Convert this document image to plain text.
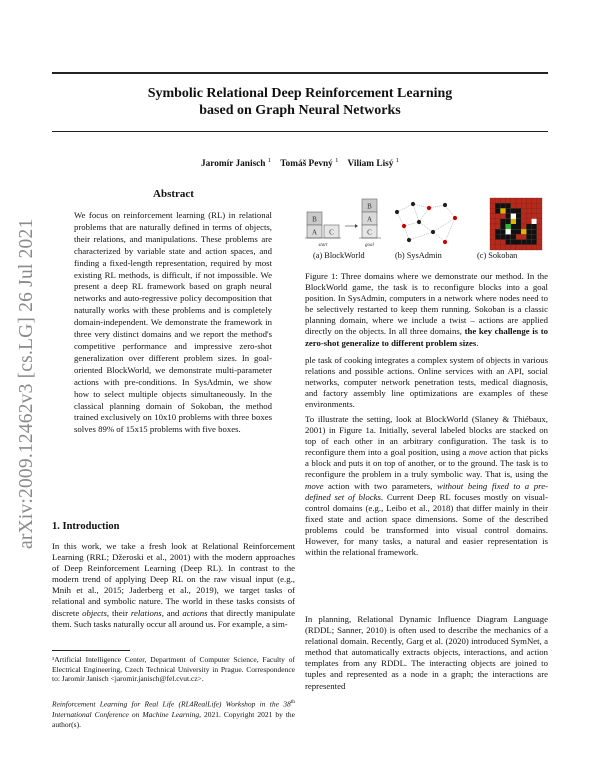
arXiv:2009.12462v3 [cs.LG] 26 Jul 2021
Symbolic Relational Deep Reinforcement Learning
based on Graph Neural Networks
Jaromír Janisch $^1$ Tomáš Pevný $^1$ Viliam Lisý $^1$
Abstract

We focus on reinforcement learning (RL) in relational problems that are naturally defined in terms of objects, their relations, and manipulations. These problems are characterized by variable state and action spaces, and finding a fixed-length representation, required by most existing RL methods, is difficult, if not impossible. We present a deep RL framework based on graph neural networks and auto-regressive policy decomposition that naturally works with these problems and is completely domain-independent. We demonstrate the framework in three very distinct domains and we report the method's competitive performance and impressive zero-shot generalization over different problem sizes. In goal-oriented BlockWorld, we demonstrate multi-parameter actions with pre-conditions. In SysAdmin, we show how to select multiple objects simultaneously. In the classical planning domain of Sokoban, the method trained exclusively on 10x10 problems with three boxes solves 89% of 15x15 problems with five boxes.

1. Introduction

In this work, we take a fresh look at Relational Reinforcement Learning (RRL; Džeroski et al., 2001) with the modern approaches of Deep Reinforcement Learning (Deep RL). In contrast to the modern trend of applying Deep RL on the raw visual input (e.g., Mnih et al., 2015; Jaderberg et al., 2019), we target tasks of relational and symbolic nature. The world in these tasks consists of discrete objects, their relations, and actions that directly manipulate them. Such tasks naturally occur all around us. For example, a sim-

¹Artificial Intelligence Center, Department of Computer Science, Faculty of Electrical Engineering, Czech Technical University in Prague. Correspondence to: Jaromír Janisch <jaromir.janisch@fel.cvut.cz>.

Reinforcement Learning for Real Life (RL4RealLife) Workshop in the 38th International Conference on Machine Learning, 2021. Copyright 2021 by the author(s).

B
A C
start
B
A
C
goal
(a) BlockWorld	(b) SysAdmin	(c) Sokoban

Figure 1: Three domains where we demonstrate our method. In the BlockWorld game, the task is to reconfigure blocks into a goal position. In SysAdmin, computers in a network where nodes need to be selectively restarted to keep them running. Sokoban is a classic planning domain, where we include a twist – actions are applied directly on the objects. In all three domains, the key challenge is to zero-shot generalize to different problem sizes.

ple task of cooking integrates a complex system of objects in various relations and possible actions. Online services with an API, social networks, computer network penetration tests, medical diagnosis, and factory assembly line optimizations are examples of these environments.

To illustrate the setting, look at BlockWorld (Slaney & Thiébaux, 2001) in Figure 1a. Initially, several labeled blocks are stacked on top of each other in an arbitrary configuration. The task is to reconfigure them into a goal position, using a move action that picks a block and puts it on top of another, or to the ground. The task is to reconfigure the problem in a truly symbolic way. That is, using the move action with two parameters, without being fixed to a pre-defined set of blocks. Current Deep RL focuses mostly on visual-control domains (e.g., Leibo et al., 2018) that differ mainly in their fixed state and action space dimensions. Some of the described problems could be transformed into visual control domains. However, for many tasks, a natural and easier representation is within the relational framework.

In planning, Relational Dynamic Influence Diagram Language (RDDL; Sanner, 2010) is often used to describe the mechanics of a relational domain. Recently, Garg et al. (2020) introduced SymNet, a method that automatically extracts objects, interactions, and action templates from any RDDL. The interacting objects are joined to tuples and represented as a node in a graph; the interactions are represented
